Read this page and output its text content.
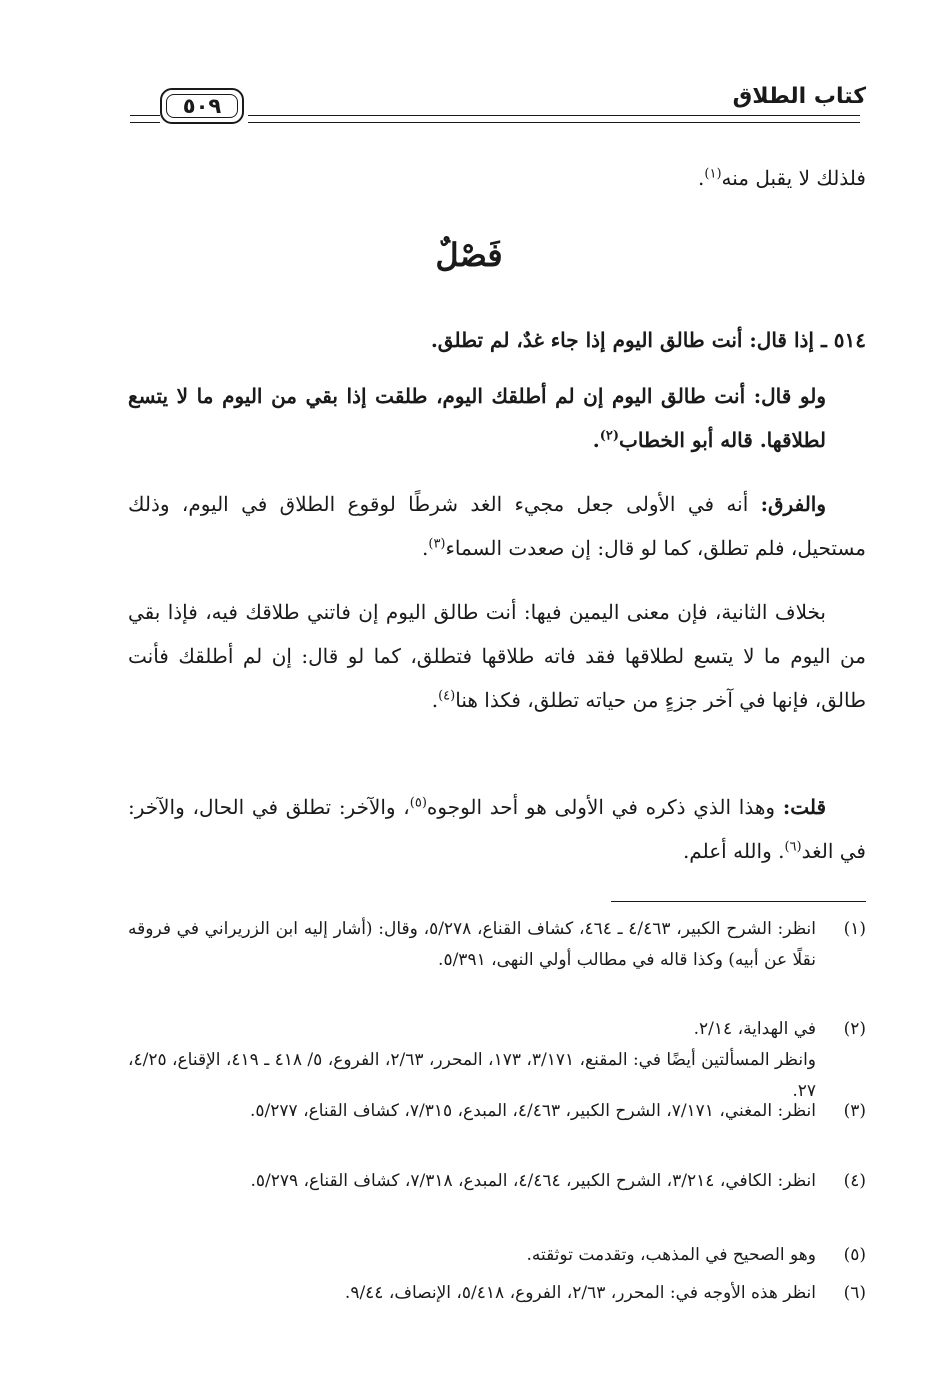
كتاب الطلاق
٥٠٩
فلذلك لا يقبل منه$^{(١)}$.
فَصْلٌ
٥١٤ ـ إذا قال: أنت طالق اليوم إذا جاء غدٌ، لم تطلق.
ولو قال: أنت طالق اليوم إن لم أطلقك اليوم، طلقت إذا بقي من اليوم ما لا يتسع لطلاقها. قاله أبو الخطاب$^{(٢)}$.
والفرق: أنه في الأولى جعل مجيء الغد شرطًا لوقوع الطلاق في اليوم، وذلك مستحيل، فلم تطلق، كما لو قال: إن صعدت السماء$^{(٣)}$.
بخلاف الثانية، فإن معنى اليمين فيها: أنت طالق اليوم إن فاتني طلاقك فيه، فإذا بقي من اليوم ما لا يتسع لطلاقها فقد فاته طلاقها فتطلق، كما لو قال: إن لم أطلقك فأنت طالق، فإنها في آخر جزءٍ من حياته تطلق، فكذا هنا$^{(٤)}$.
قلت: وهذا الذي ذكره في الأولى هو أحد الوجوه$^{(٥)}$، والآخر: تطلق في الحال، والآخر: في الغد$^{(٦)}$. والله أعلم.
(١)
انظر: الشرح الكبير، ٤/٤٦٣ ـ ٤٦٤، كشاف القناع، ٥/٢٧٨، وقال: (أشار إليه ابن الزريراني في فروقه نقلًا عن أبيه) وكذا قاله في مطالب أولي النهى، ٥/٣٩١.
(٢)
في الهداية، ٢/١٤.
وانظر المسألتين أيضًا في: المقنع، ٣/١٧١، ١٧٣، المحرر، ٢/٦٣، الفروع، ٥/ ٤١٨ ـ ٤١٩، الإقناع، ٤/٢٥، ٢٧.
(٣)
انظر: المغني، ٧/١٧١، الشرح الكبير، ٤/٤٦٣، المبدع، ٧/٣١٥، كشاف القناع، ٥/٢٧٧.
(٤)
انظر: الكافي، ٣/٢١٤، الشرح الكبير، ٤/٤٦٤، المبدع، ٧/٣١٨، كشاف القناع، ٥/٢٧٩.
(٥)
وهو الصحيح في المذهب، وتقدمت توثقته.
(٦)
انظر هذه الأوجه في: المحرر، ٢/٦٣، الفروع، ٥/٤١٨، الإنصاف، ٩/٤٤.
